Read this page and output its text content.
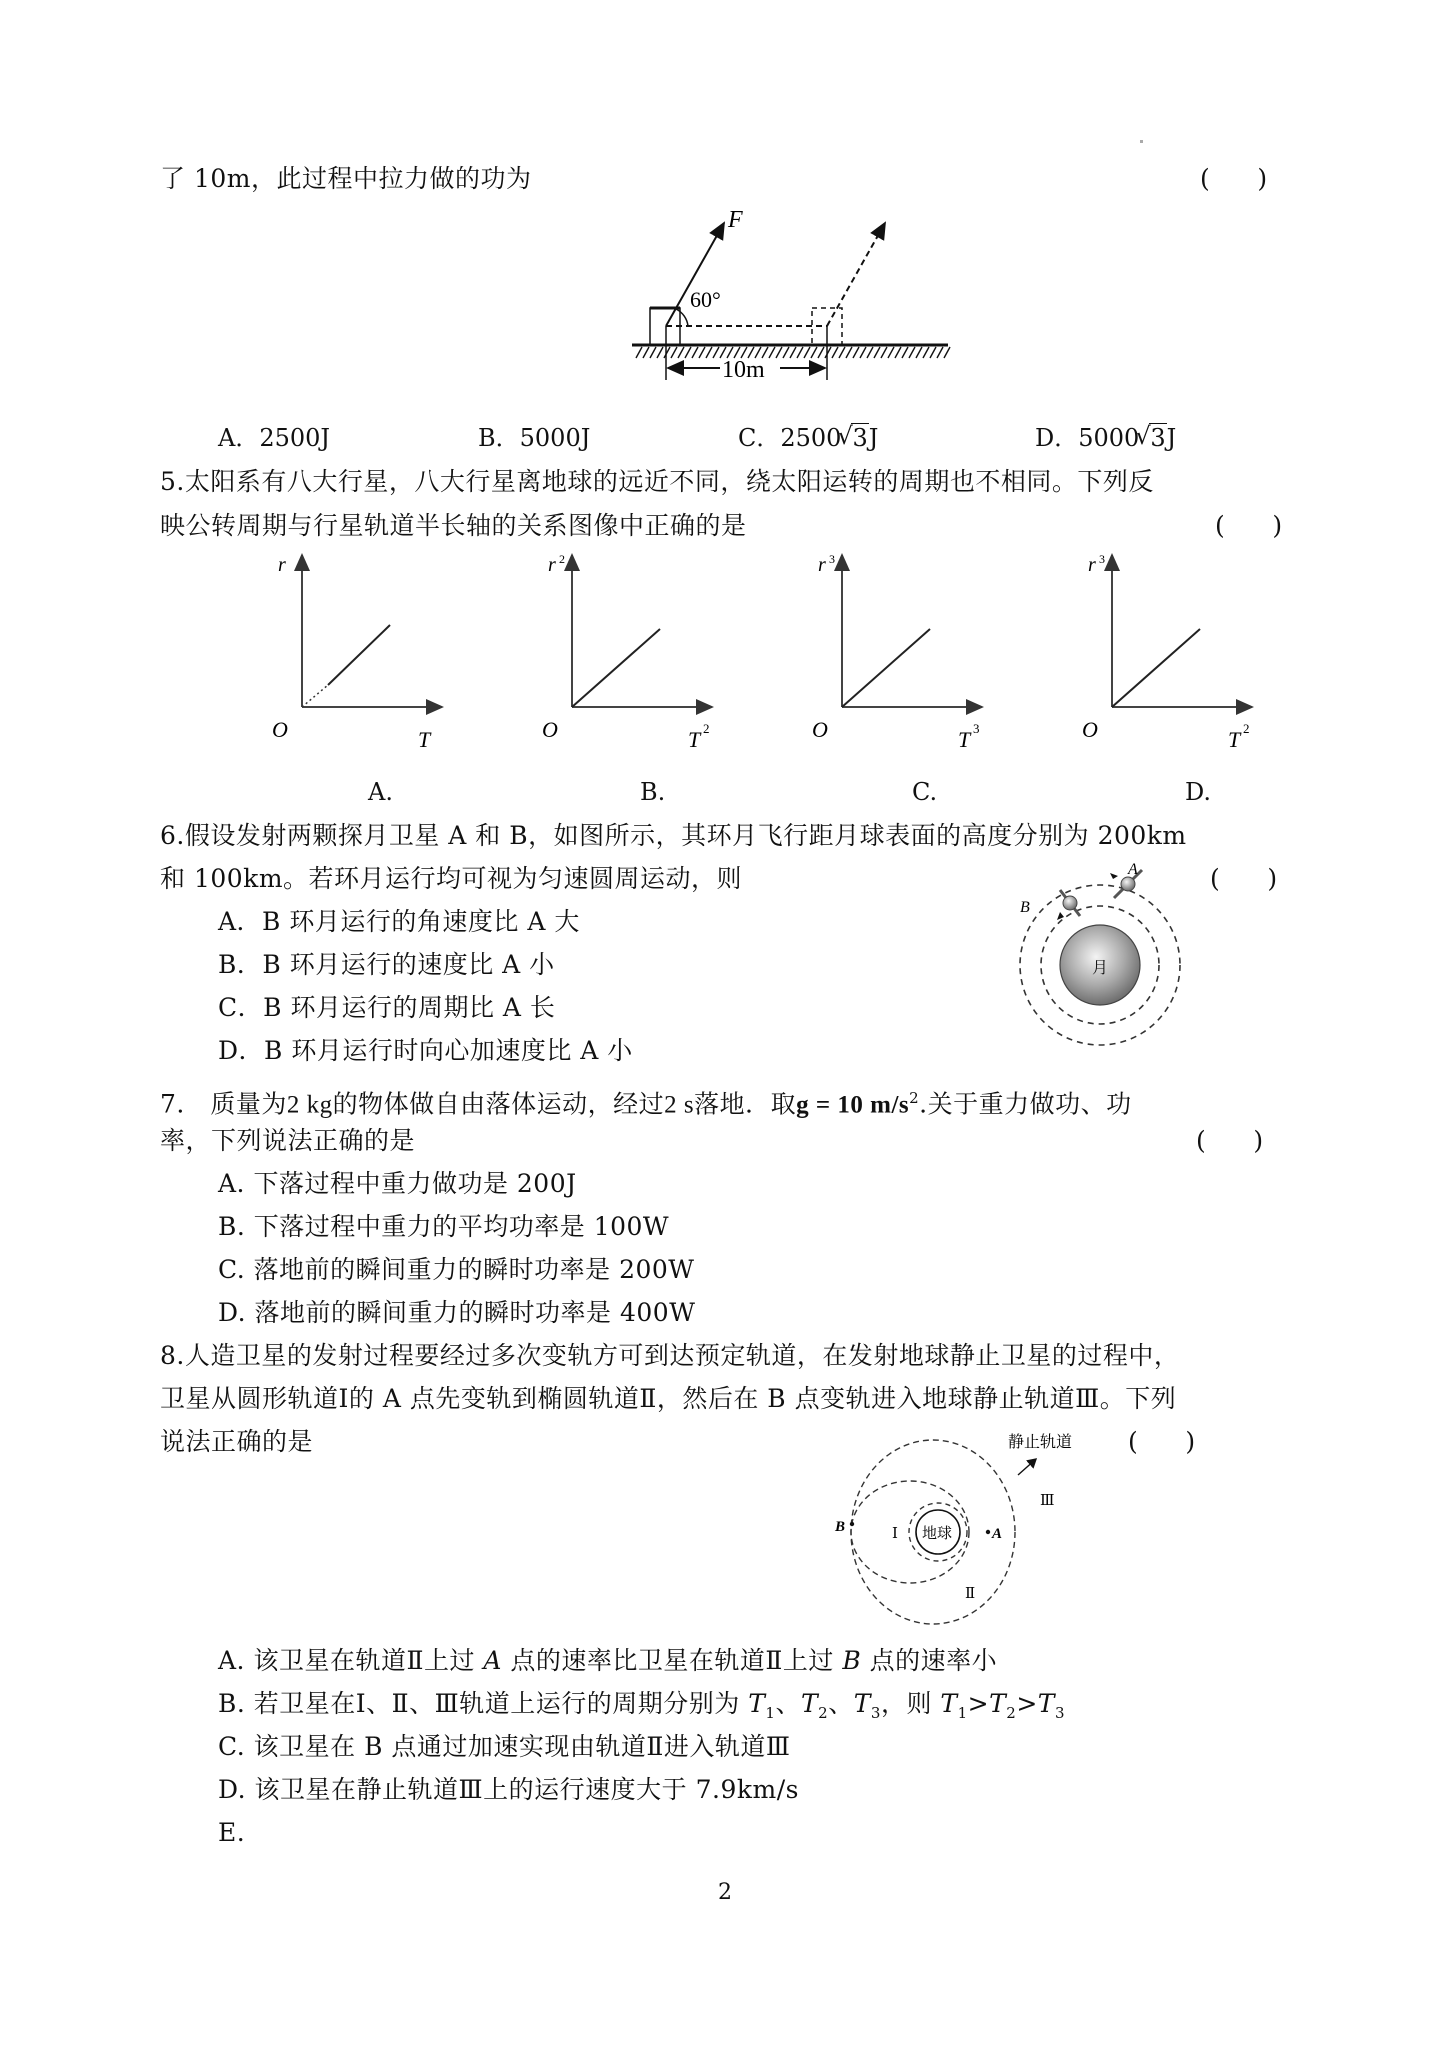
了 10m，此过程中拉力做的功为	(      )
F
60°
10m
A．2500J	B．5000J	C．2500 √ 3J	D．5000 √ 3J
5.太阳系有八大行星，八大行星离地球的远近不同，绕太阳运转的周期也不相同。下列反
映公转周期与行星轨道半长轴的关系图像中正确的是	(      )
r
O	T
A.
r 2
O	T 2
B.
r 3
O	T 3
C.
r 3
O	T 2
D.
6.假设发射两颗探月卫星 A 和 B，如图所示，其环月飞行距月球表面的高度分别为 200km
和 100km。若环月运行均可视为匀速圆周运动，则	(      )
A．B 环月运行的角速度比 A 大
B．B 环月运行的速度比 A 小
C．B 环月运行的周期比 A 长
D．B 环月运行时向心加速度比 A 小
月
A
B
7.　质量为2 kg的物体做自由落体运动，经过2 s落地．取g = 10 $m/s^2$.关于重力做功、功
率，下列说法正确的是	(      )
A. 下落过程中重力做功是 200J
B. 下落过程中重力的平均功率是 100W
C. 落地前的瞬间重力的瞬时功率是 200W
D. 落地前的瞬间重力的瞬时功率是 400W
8.人造卫星的发射过程要经过多次变轨方可到达预定轨道，在发射地球静止卫星的过程中，
卫星从圆形轨道Ⅰ的 A 点先变轨到椭圆轨道Ⅱ，然后在 B 点变轨进入地球静止轨道Ⅲ。下列
说法正确的是	(      )
地球
B	A
Ⅰ
Ⅱ
Ⅲ
静止轨道
A. 该卫星在轨道Ⅱ上过 A 点的速率比卫星在轨道Ⅱ上过 B 点的速率小
B. 若卫星在Ⅰ、Ⅱ、Ⅲ轨道上运行的周期分别为 $T_1$、$T_2$、$T_3$，则 $T_1>T_2>T_3$
C. 该卫星在 B 点通过加速实现由轨道Ⅱ进入轨道Ⅲ
D. 该卫星在静止轨道Ⅲ上的运行速度大于 7.9km/s
E.
2
